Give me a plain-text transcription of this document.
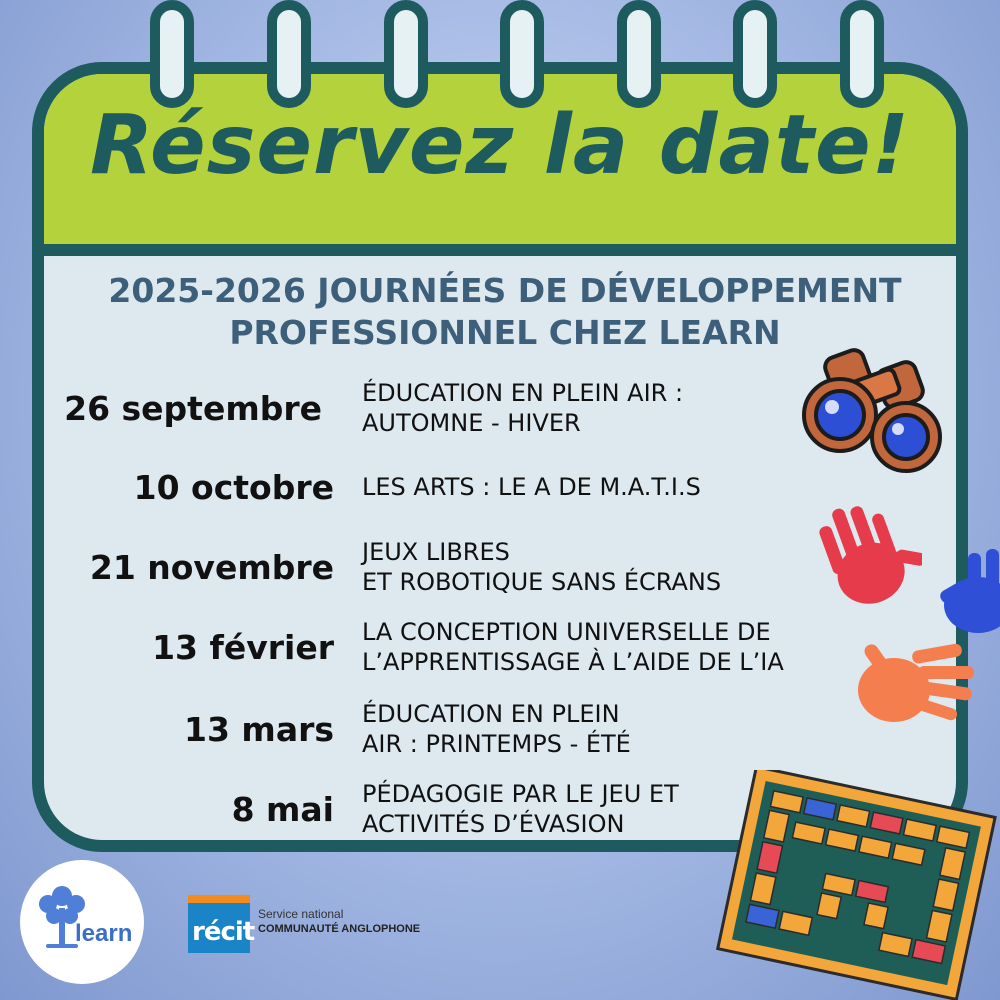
Réservez la date!
2025-2026 JOURNÉES DE DÉVELOPPEMENT
PROFESSIONNEL CHEZ LEARN
26 septembre ÉDUCATION EN PLEIN AIR :
AUTOMNE - HIVER
10 octobre LES ARTS : LE A DE M.A.T.I.S
21 novembre JEUX LIBRES
ET ROBOTIQUE SANS ÉCRANS
13 février LA CONCEPTION UNIVERSELLE DE
L’APPRENTISSAGE À L’AIDE DE L’IA
13 mars ÉDUCATION EN PLEIN
AIR : PRINTEMPS - ÉTÉ
8 mai PÉDAGOGIE PAR LE JEU ET
ACTIVITÉS D’ÉVASION
learn récit
Service national
COMMUNAUTÉ ANGLOPHONE
